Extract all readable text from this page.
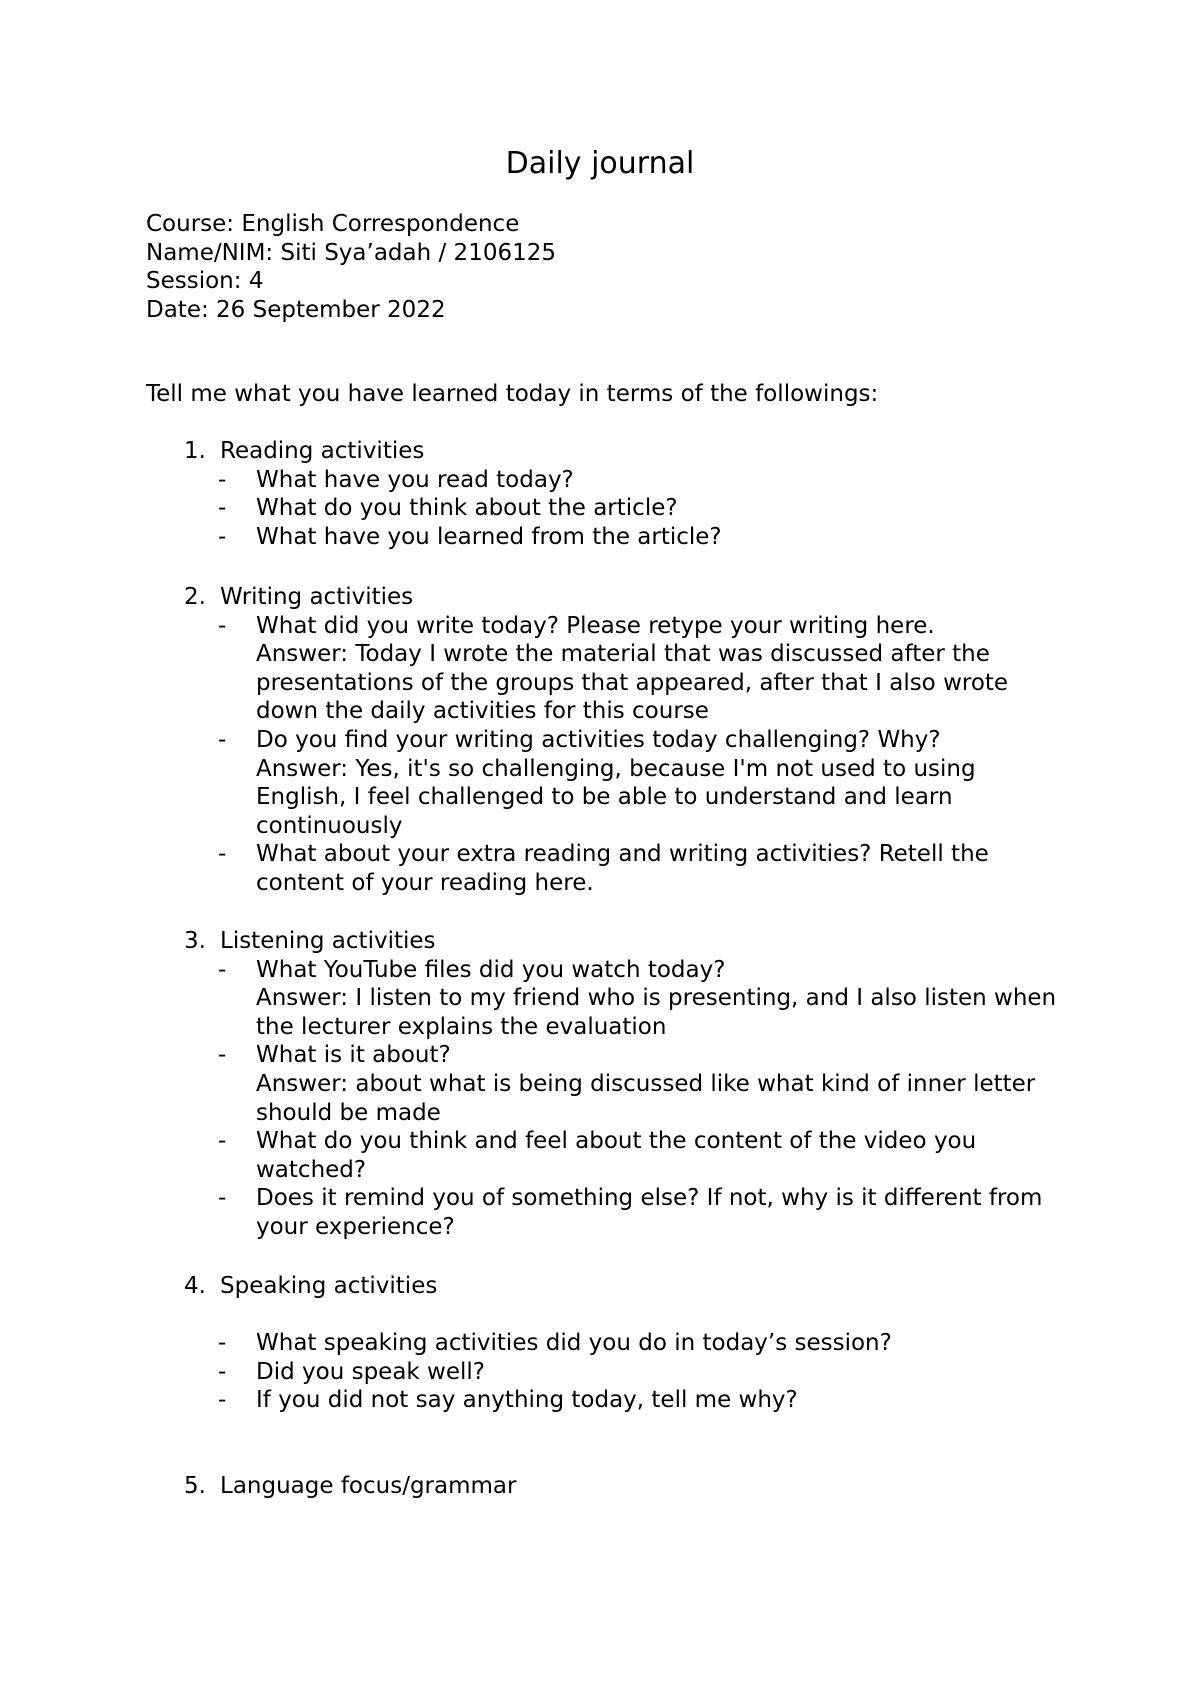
Daily journal
Course: English Correspondence
Name/NIM: Siti Sya’adah / 2106125
Session: 4
Date: 26 September 2022
Tell me what you have learned today in terms of the followings:
1. Reading activities
- What have you read today?
- What do you think about the article?
- What have you learned from the article?
2. Writing activities
- What did you write today? Please retype your writing here.
Answer: Today I wrote the material that was discussed after the presentations of the groups that appeared, after that I also wrote down the daily activities for this course
- Do you find your writing activities today challenging? Why?
Answer: Yes, it's so challenging, because I'm not used to using English, I feel challenged to be able to understand and learn continuously
- What about your extra reading and writing activities? Retell the content of your reading here.
3. Listening activities
- What YouTube files did you watch today?
Answer: I listen to my friend who is presenting, and I also listen when the lecturer explains the evaluation
- What is it about?
Answer: about what is being discussed like what kind of inner letter should be made
- What do you think and feel about the content of the video you watched?
- Does it remind you of something else? If not, why is it different from your experience?
4. Speaking activities
- What speaking activities did you do in today’s session?
- Did you speak well?
- If you did not say anything today, tell me why?
5. Language focus/grammar
